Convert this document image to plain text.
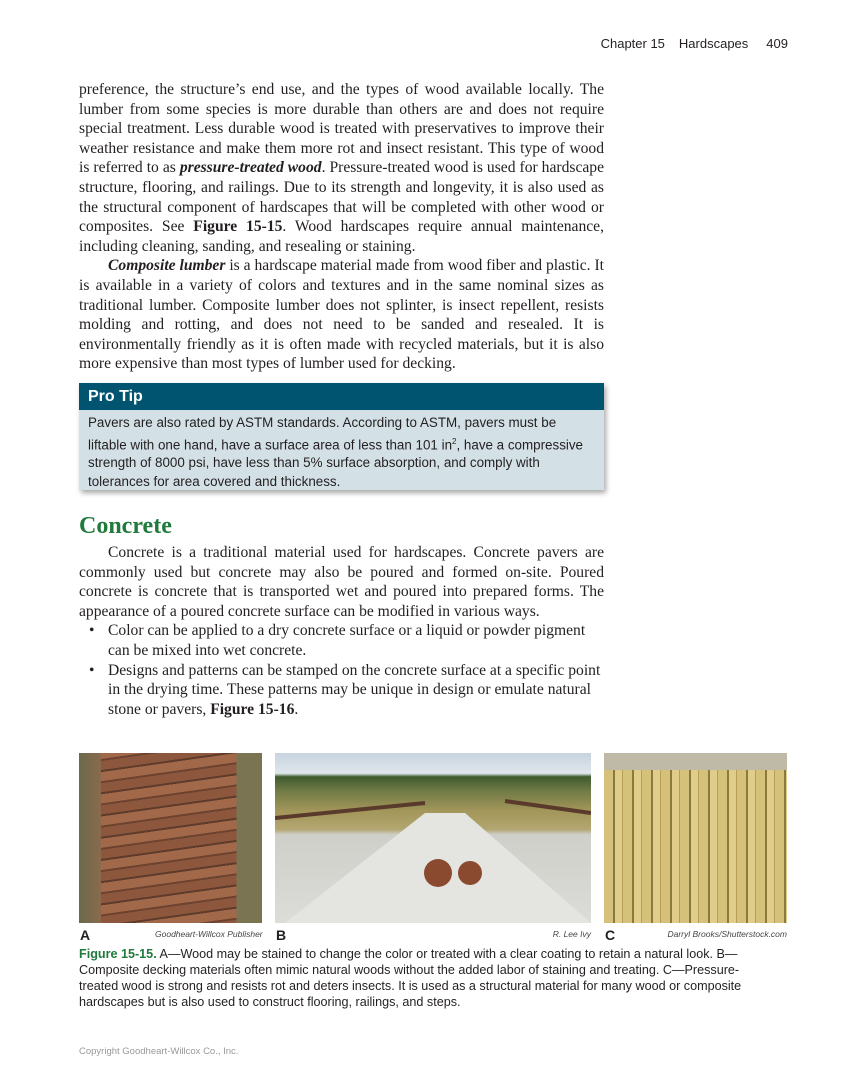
Chapter 15 Hardscapes 409

preference, the structure’s end use, and the types of wood available locally. The lumber from some species is more durable than others are and does not require special treatment. Less durable wood is treated with preservatives to improve their weather resistance and make them more rot and insect resistant. This type of wood is referred to as pressure-treated wood. Pressure-treated wood is used for hardscape structure, flooring, and railings. Due to its strength and longevity, it is also used as the structural component of hardscapes that will be completed with other wood or composites. See Figure 15-15. Wood hardscapes require annual maintenance, including cleaning, sanding, and resealing or staining.

Composite lumber is a hardscape material made from wood fiber and plastic. It is available in a variety of colors and textures and in the same nominal sizes as traditional lumber. Composite lumber does not splinter, is insect repellent, resists molding and rotting, and does not need to be sanded and resealed. It is environmentally friendly as it is often made with recycled materials, but it is also more expensive than most types of lumber used for decking.

Pro Tip
Pavers are also rated by ASTM standards. According to ASTM, pavers must be liftable with one hand, have a surface area of less than 101 $in^2$, have a compressive strength of 8000 psi, have less than 5% surface absorption, and comply with tolerances for area covered and thickness.
Concrete

Concrete is a traditional material used for hardscapes. Concrete pavers are commonly used but concrete may also be poured and formed on-site. Poured concrete is concrete that is transported wet and poured into prepared forms. The appearance of a poured concrete surface can be modified in various ways.

• Color can be applied to a dry concrete surface or a liquid or powder pigment can be mixed into wet concrete.
• Designs and patterns can be stamped on the concrete surface at a specific point in the drying time. These patterns may be unique in design or emulate natural stone or pavers, Figure 15-16.
A	Goodheart-Willcox Publisher B	R. Lee Ivy C	Darryl Brooks/Shutterstock.com
Figure 15-15. A—Wood may be stained to change the color or treated with a clear coating to retain a natural look. B—Composite decking materials often mimic natural woods without the added labor of staining and treating. C—Pressure-treated wood is strong and resists rot and deters insects. It is used as a structural material for many wood or composite hardscapes but is also used to construct flooring, railings, and steps.
Copyright Goodheart-Willcox Co., Inc.
